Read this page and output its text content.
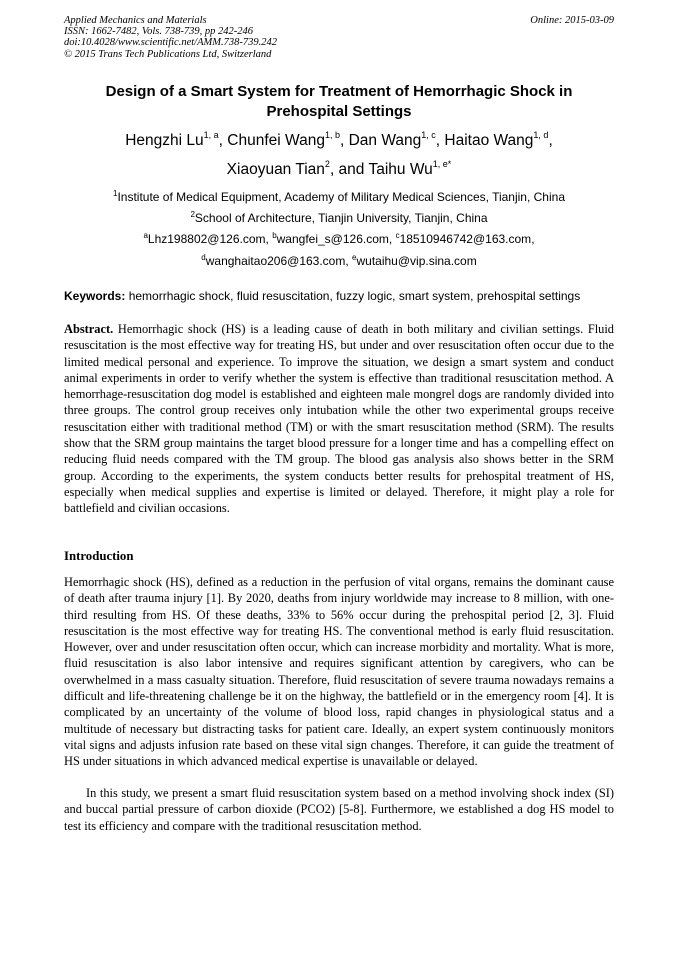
Applied Mechanics and Materials
ISSN: 1662-7482, Vols. 738-739, pp 242-246
doi:10.4028/www.scientific.net/AMM.738-739.242
© 2015 Trans Tech Publications Ltd, Switzerland
Online: 2015-03-09
Design of a Smart System for Treatment of Hemorrhagic Shock in Prehospital Settings
Hengzhi Lu$^{1, a}$, Chunfei Wang$^{1, b}$, Dan Wang$^{1, c}$, Haitao Wang$^{1, d}$,
Xiaoyuan Tian$^2$, and Taihu $Wu^{1, e*}$
$^1$Institute of Medical Equipment, Academy of Military Medical Sciences, Tianjin, China
$^2$School of Architecture, Tianjin University, Tianjin, China
$^a$Lhz198802@126.com, $^b$wangfei_s@126.com, $^c$18510946742@163.com,
$^d$wanghaitao206@163.com, $^e$wutaihu@vip.sina.com
Keywords: hemorrhagic shock, fluid resuscitation, fuzzy logic, smart system, prehospital settings
Abstract. Hemorrhagic shock (HS) is a leading cause of death in both military and civilian settings. Fluid resuscitation is the most effective way for treating HS, but under and over resuscitation often occur due to the limited medical personal and experience. To improve the situation, we design a smart system and conduct animal experiments in order to verify whether the system is effective than traditional resuscitation method. A hemorrhage-resuscitation dog model is established and eighteen male mongrel dogs are randomly divided into three groups. The control group receives only intubation while the other two experimental groups receive resuscitation either with traditional method (TM) or with the smart resuscitation method (SRM). The results show that the SRM group maintains the target blood pressure for a longer time and has a compelling effect on reducing fluid needs compared with the TM group. The blood gas analysis also shows better in the SRM group. According to the experiments, the system conducts better results for prehospital treatment of HS, especially when medical supplies and expertise is limited or delayed. Therefore, it might play a role for battlefield and civilian occasions.
Introduction
Hemorrhagic shock (HS), defined as a reduction in the perfusion of vital organs, remains the dominant cause of death after trauma injury [1]. By 2020, deaths from injury worldwide may increase to 8 million, with one-third resulting from HS. Of these deaths, 33% to 56% occur during the prehospital period [2, 3]. Fluid resuscitation is the most effective way for treating HS. The conventional method is early fluid resuscitation. However, over and under resuscitation often occur, which can increase morbidity and mortality. What is more, fluid resuscitation is also labor intensive and requires significant attention by caregivers, who can be overwhelmed in a mass casualty situation. Therefore, fluid resuscitation of severe trauma nowadays remains a difficult and life-threatening challenge be it on the highway, the battlefield or in the emergency room [4]. It is complicated by an uncertainty of the volume of blood loss, rapid changes in physiological status and a multitude of necessary but distracting tasks for patient care. Ideally, an expert system continuously monitors vital signs and adjusts infusion rate based on these vital sign changes. Therefore, it can guide the treatment of HS under situations in which advanced medical expertise is unavailable or delayed.
In this study, we present a smart fluid resuscitation system based on a method involving shock index (SI) and buccal partial pressure of carbon dioxide (PCO2) [5-8]. Furthermore, we established a dog HS model to test its efficiency and compare with the traditional resuscitation method.
